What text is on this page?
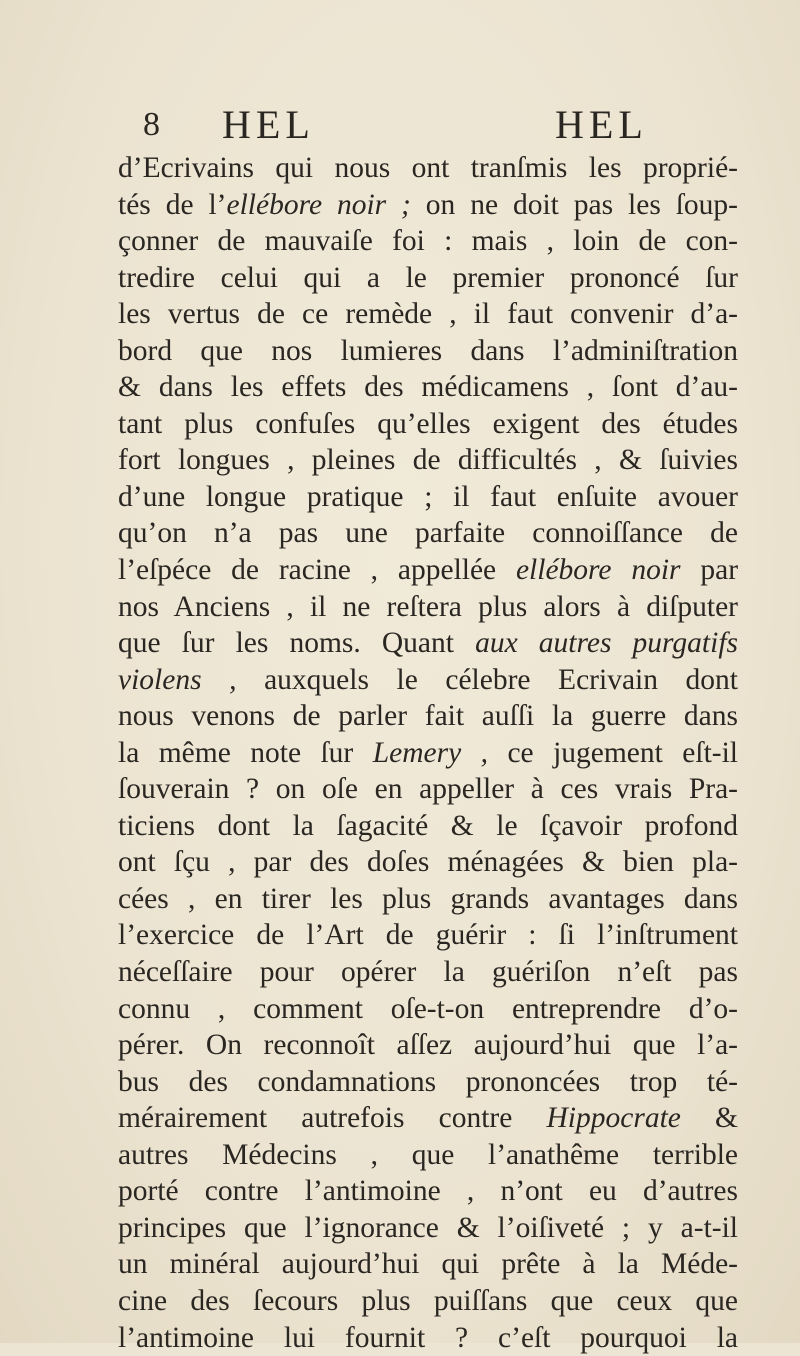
8 HEL	HEL
d’Ecrivains qui nous ont tranſmis les proprié-
tés de l’ellébore noir ; on ne doit pas les ſoup-
çonner de mauvaiſe foi : mais , loin de con-
tredire celui qui a le premier prononcé ſur
les vertus de ce remède , il faut convenir d’a-
bord que nos lumieres dans l’adminiſtration
& dans les effets des médicamens , ſont d’au-
tant plus confuſes qu’elles exigent des études
fort longues , pleines de difficultés , & ſuivies
d’une longue pratique ; il faut enſuite avouer
qu’on n’a pas une parfaite connoiſſance de
l’eſpéce de racine , appellée ellébore noir par
nos Anciens , il ne reſtera plus alors à diſputer
que ſur les noms. Quant aux autres purgatifs
violens , auxquels le célebre Ecrivain dont
nous venons de parler fait auſſi la guerre dans
la même note ſur Lemery , ce jugement eſt-il
ſouverain ? on oſe en appeller à ces vrais Pra-
ticiens dont la ſagacité & le ſçavoir profond
ont ſçu , par des doſes ménagées & bien pla-
cées , en tirer les plus grands avantages dans
l’exercice de l’Art de guérir : ſi l’inſtrument
néceſſaire pour opérer la guériſon n’eſt pas
connu , comment oſe-t-on entreprendre d’o-
pérer. On reconnoît aſſez aujourd’hui que l’a-
bus des condamnations prononcées trop té-
mérairement autrefois contre Hippocrate &
autres Médecins , que l’anathême terrible
porté contre l’antimoine , n’ont eu d’autres
principes que l’ignorance & l’oiſiveté ; y a-t-il
un minéral aujourd’hui qui prête à la Méde-
cine des ſecours plus puiſſans que ceux que
l’antimoine lui fournit ? c’eſt pourquoi la
